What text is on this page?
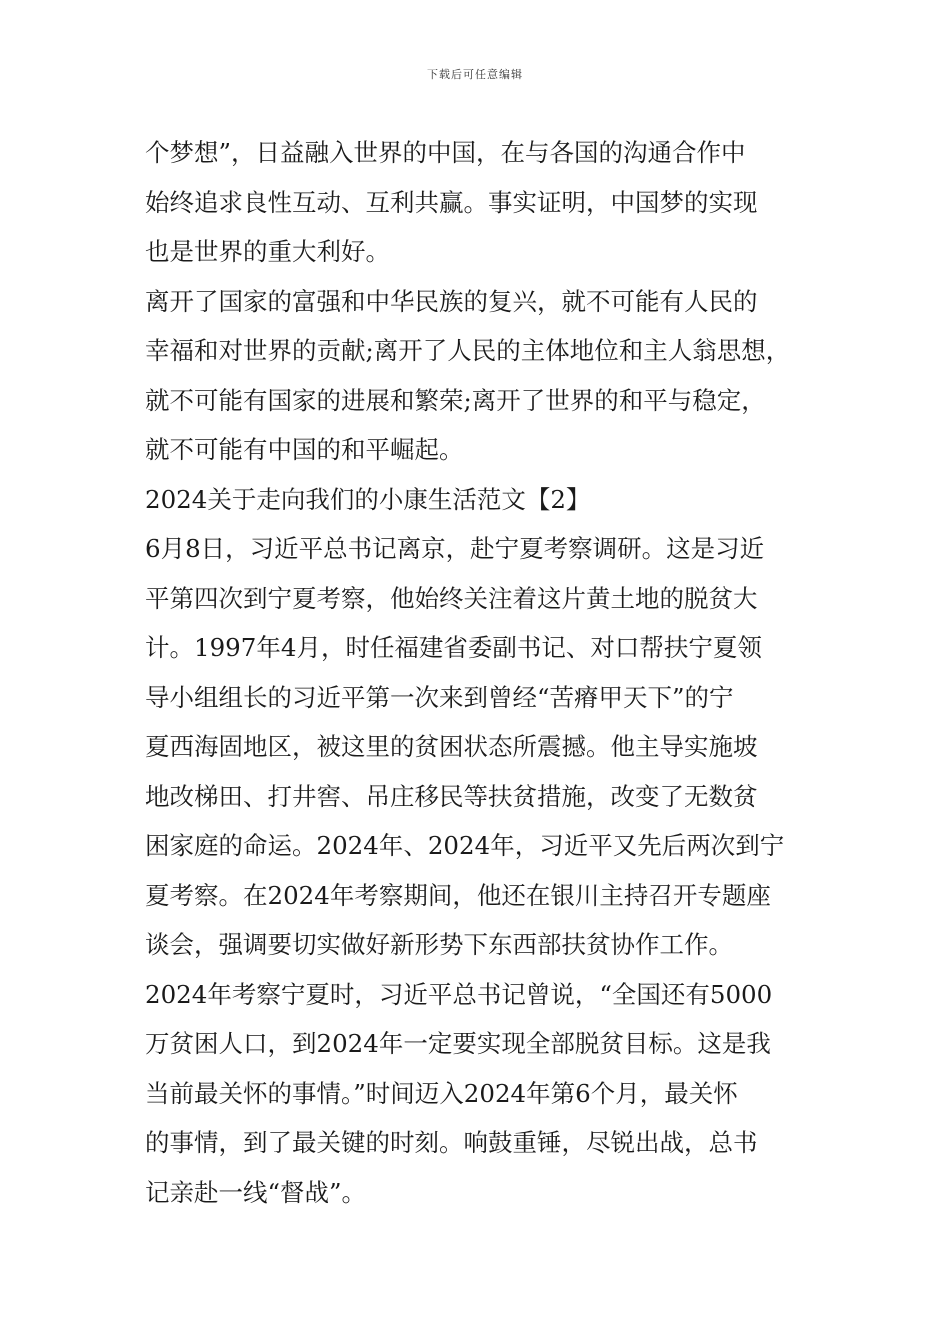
下载后可任意编辑
个梦想”，日益融入世界的中国，在与各国的沟通合作中
始终追求良性互动、互利共赢。事实证明，中国梦的实现
也是世界的重大利好。
离开了国家的富强和中华民族的复兴，就不可能有人民的
幸福和对世界的贡献;离开了人民的主体地位和主人翁思想，
就不可能有国家的进展和繁荣;离开了世界的和平与稳定，
就不可能有中国的和平崛起。
2024关于走向我们的小康生活范文【2】
6月8日，习近平总书记离京，赴宁夏考察调研。这是习近
平第四次到宁夏考察，他始终关注着这片黄土地的脱贫大
计。1997年4月，时任福建省委副书记、对口帮扶宁夏领
导小组组长的习近平第一次来到曾经“苦瘠甲天下”的宁
夏西海固地区，被这里的贫困状态所震撼。他主导实施坡
地改梯田、打井窖、吊庄移民等扶贫措施，改变了无数贫
困家庭的命运。2024年、2024年，习近平又先后两次到宁
夏考察。在2024年考察期间，他还在银川主持召开专题座
谈会，强调要切实做好新形势下东西部扶贫协作工作。
2024年考察宁夏时，习近平总书记曾说，“全国还有5000
万贫困人口，到2024年一定要实现全部脱贫目标。这是我
当前最关怀的事情。”时间迈入2024年第6个月，最关怀
的事情，到了最关键的时刻。响鼓重锤，尽锐出战，总书
记亲赴一线“督战”。
